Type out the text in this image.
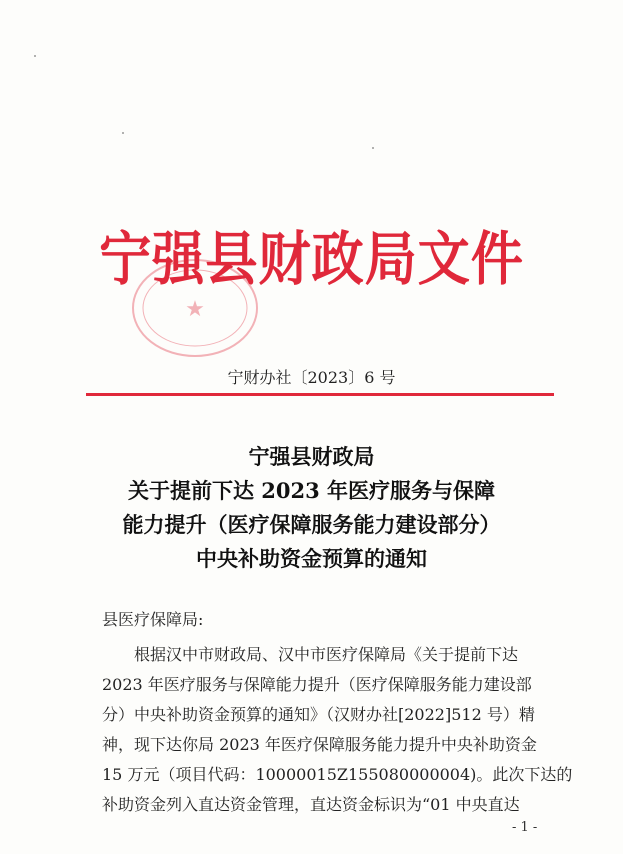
★
宁强县财政局文件
宁财办社〔2023〕6 号
宁强县财政局
关于提前下达 2023 年医疗服务与保障
能力提升（医疗保障服务能力建设部分）
中央补助资金预算的通知
县医疗保障局:
根据汉中市财政局、汉中市医疗保障局《关于提前下达
2023 年医疗服务与保障能力提升（医疗保障服务能力建设部
分）中央补助资金预算的通知》（汉财办社[2022]512 号）精
神，现下达你局 2023 年医疗保障服务能力提升中央补助资金
15 万元（项目代码：10000015Z155080000004)。此次下达的
补助资金列入直达资金管理，直达资金标识为“01 中央直达
- 1 -
